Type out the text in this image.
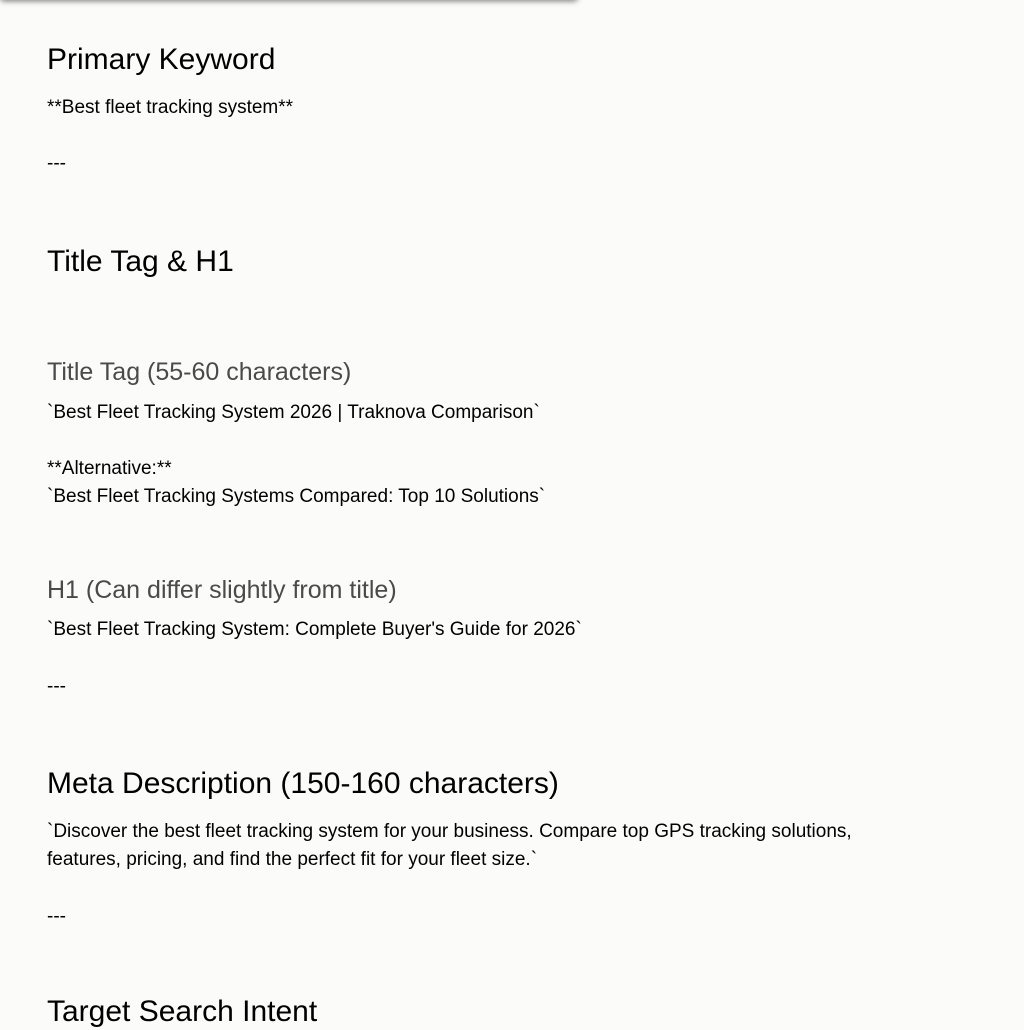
Primary Keyword

**Best fleet tracking system**

---

Title Tag & H1
Title Tag (55-60 characters)

`Best Fleet Tracking System 2026 | Traknova Comparison`

**Alternative:**
`Best Fleet Tracking Systems Compared: Top 10 Solutions`

H1 (Can differ slightly from title)

`Best Fleet Tracking System: Complete Buyer's Guide for 2026`

---

Meta Description (150-160 characters)

`Discover the best fleet tracking system for your business. Compare top GPS tracking solutions,
features, pricing, and find the perfect fit for your fleet size.`

---

Target Search Intent
